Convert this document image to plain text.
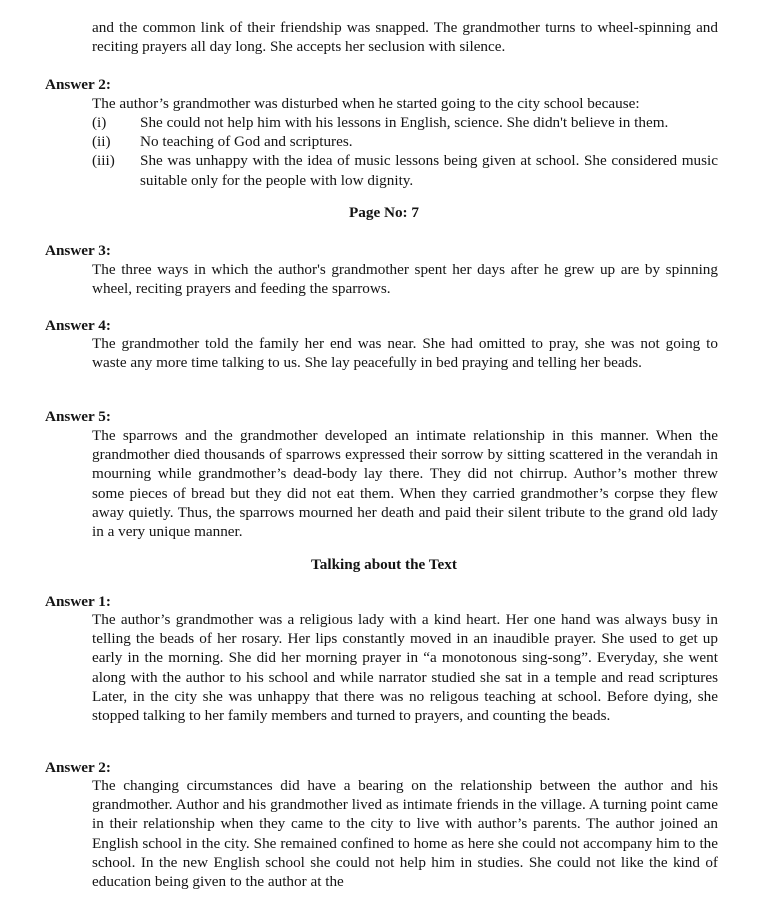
and the common link of their friendship was snapped. The grandmother turns to wheel-spinning and reciting prayers all day long. She accepts her seclusion with silence.

Answer 2:

The author’s grandmother was disturbed when he started going to the city school because:

(i)	She could not help him with his lessons in English, science. She didn't believe in them.
(ii)	No teaching of God and scriptures.
(iii)	She was unhappy with the idea of music lessons being given at school. She considered music suitable only for the people with low dignity.

Page No: 7

Answer 3:

The three ways in which the author's grandmother spent her days after he grew up are by spinning wheel, reciting prayers and feeding the sparrows.

Answer 4:

The grandmother told the family her end was near. She had omitted to pray, she was not going to waste any more time talking to us. She lay peacefully in bed praying and telling her beads.

Answer 5:

The sparrows and the grandmother developed an intimate relationship in this manner. When the grandmother died thousands of sparrows expressed their sorrow by sitting scattered in the verandah in mourning while grandmother’s dead-body lay there. They did not chirrup. Author’s mother threw some pieces of bread but they did not eat them. When they carried grandmother’s corpse they flew away quietly. Thus, the sparrows mourned her death and paid their silent tribute to the grand old lady in a very unique manner.

Talking about the Text

Answer 1:

The author’s grandmother was a religious lady with a kind heart. Her one hand was always busy in telling the beads of her rosary. Her lips constantly moved in an inaudible prayer. She used to get up early in the morning. She did her morning prayer in “a monotonous sing-song”. Everyday, she went along with the author to his school and while narrator studied she sat in a temple and read scriptures Later, in the city she was unhappy that there was no religous teaching at school. Before dying, she stopped talking to her family members and turned to prayers, and counting the beads.

Answer 2:

The changing circumstances did have a bearing on the relationship between the author and his grandmother. Author and his grandmother lived as intimate friends in the village. A turning point came in their relationship when they came to the city to live with author’s parents. The author joined an English school in the city. She remained confined to home as here she could not accompany him to the school. In the new English school she could not help him in studies. She could not like the kind of education being given to the author at the
